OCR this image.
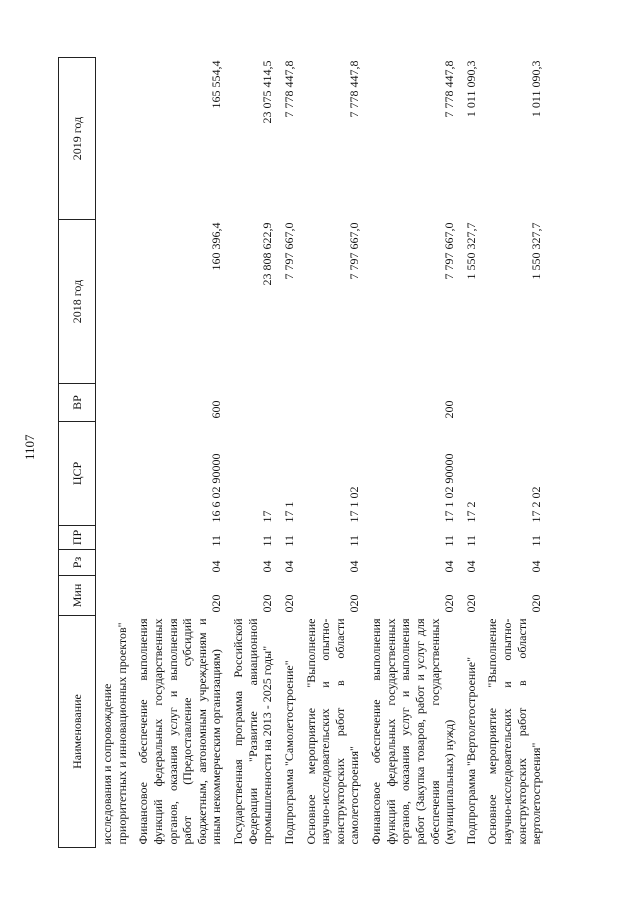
1107
Наименование	Мин	Рз	ПР	ЦСР	ВР	2018 год	2019 год
исследования и сопровождение приоритетных и инновационных проектов"							
Финансовое обеспечение выполнения функций федеральных государственных органов, оказания услуг и выполнения работ (Предоставление субсидий бюджетным, автономным учреждениям и иным некоммерческим организациям)	020	04	11	16 6 02 90000	600	160 396,4	165 554,4
Государственная программа Российской Федерации "Развитие авиационной промышленности на 2013 - 2025 годы"	020	04	11	17		23 808 622,9	23 075 414,5
Подпрограмма "Самолетостроение"	020	04	11	17 1		7 797 667,0	7 778 447,8
Основное мероприятие "Выполнение научно-исследовательских и опытно-конструкторских работ в области самолетостроения"	020	04	11	17 1 02		7 797 667,0	7 778 447,8
Финансовое обеспечение выполнения функций федеральных государственных органов, оказания услуг и выполнения работ (Закупка товаров, работ и услуг для обеспечения государственных (муниципальных) нужд)	020	04	11	17 1 02 90000	200	7 797 667,0	7 778 447,8
Подпрограмма "Вертолетостроение"	020	04	11	17 2		1 550 327,7	1 011 090,3
Основное мероприятие "Выполнение научно-исследовательских и опытно-конструкторских работ в области вертолетостроения"	020	04	11	17 2 02		1 550 327,7	1 011 090,3
